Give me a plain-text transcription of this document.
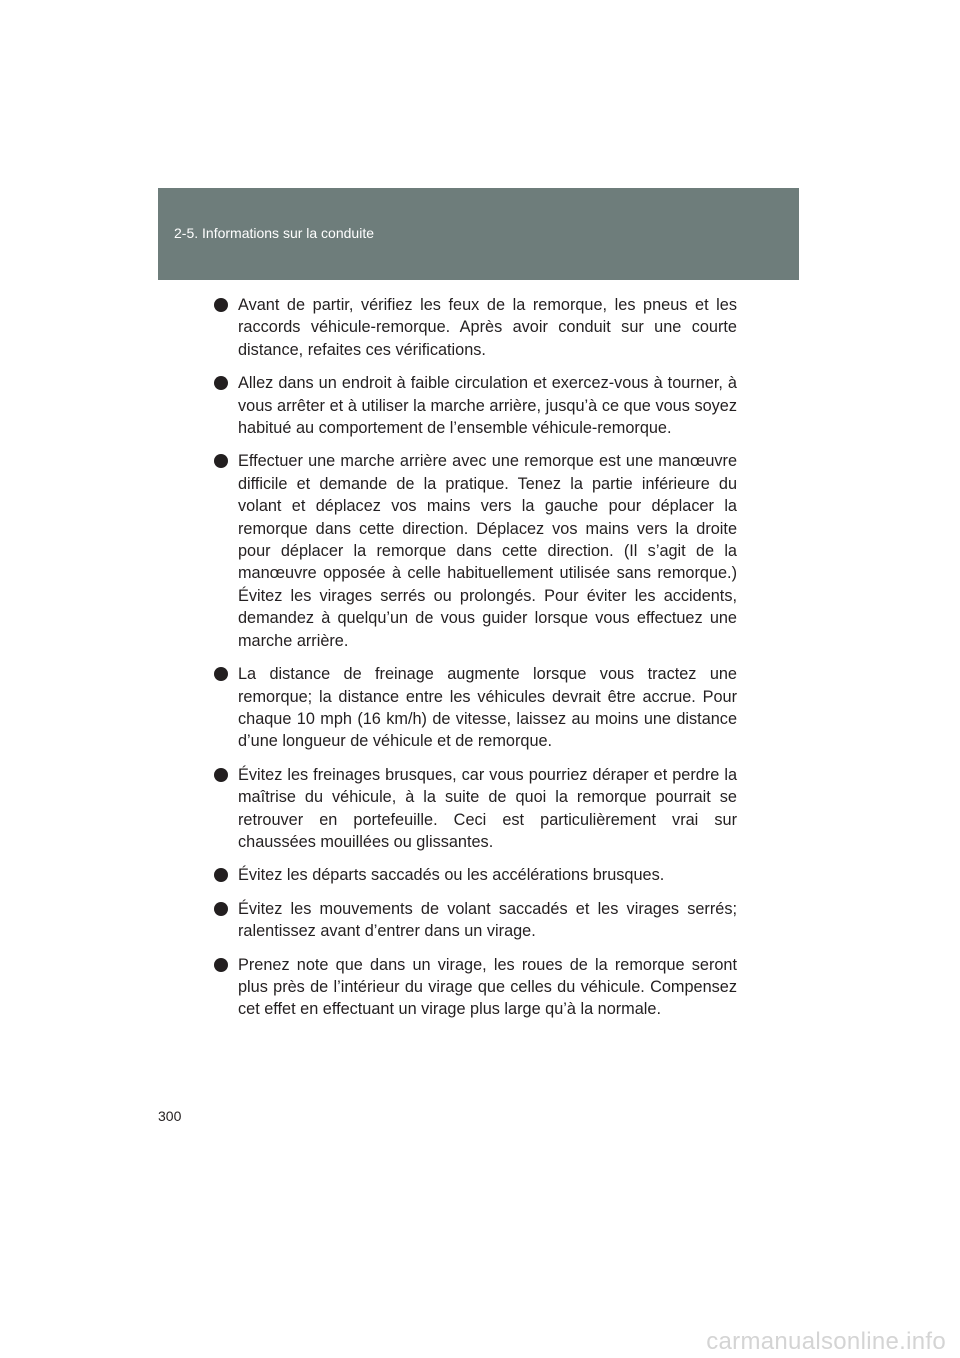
2-5. Informations sur la conduite
Avant de partir, vérifiez les feux de la remorque, les pneus et les raccords véhicule-remorque. Après avoir conduit sur une courte distance, refaites ces vérifications.
Allez dans un endroit à faible circulation et exercez-vous à tourner, à vous arrêter et à utiliser la marche arrière, jusqu’à ce que vous soyez habitué au comportement de l’ensemble véhicule-remorque.
Effectuer une marche arrière avec une remorque est une manœuvre difficile et demande de la pratique. Tenez la partie inférieure du volant et déplacez vos mains vers la gauche pour déplacer la remorque dans cette direction. Déplacez vos mains vers la droite pour déplacer la remorque dans cette direction. (Il s’agit de la manœuvre opposée à celle habituellement utilisée sans remorque.) Évitez les virages serrés ou prolongés. Pour éviter les accidents, demandez à quelqu’un de vous guider lorsque vous effectuez une marche arrière.
La distance de freinage augmente lorsque vous tractez une remorque; la distance entre les véhicules devrait être accrue. Pour chaque 10 mph (16 km/h) de vitesse, laissez au moins une distance d’une longueur de véhicule et de remorque.
Évitez les freinages brusques, car vous pourriez déraper et perdre la maîtrise du véhicule, à la suite de quoi la remorque pourrait se retrouver en portefeuille. Ceci est particulièrement vrai sur chaussées mouillées ou glissantes.
Évitez les départs saccadés ou les accélérations brusques.
Évitez les mouvements de volant saccadés et les virages serrés; ralentissez avant d’entrer dans un virage.
Prenez note que dans un virage, les roues de la remorque seront plus près de l’intérieur du virage que celles du véhicule. Compensez cet effet en effectuant un virage plus large qu’à la normale.
300
carmanualsonline.info
